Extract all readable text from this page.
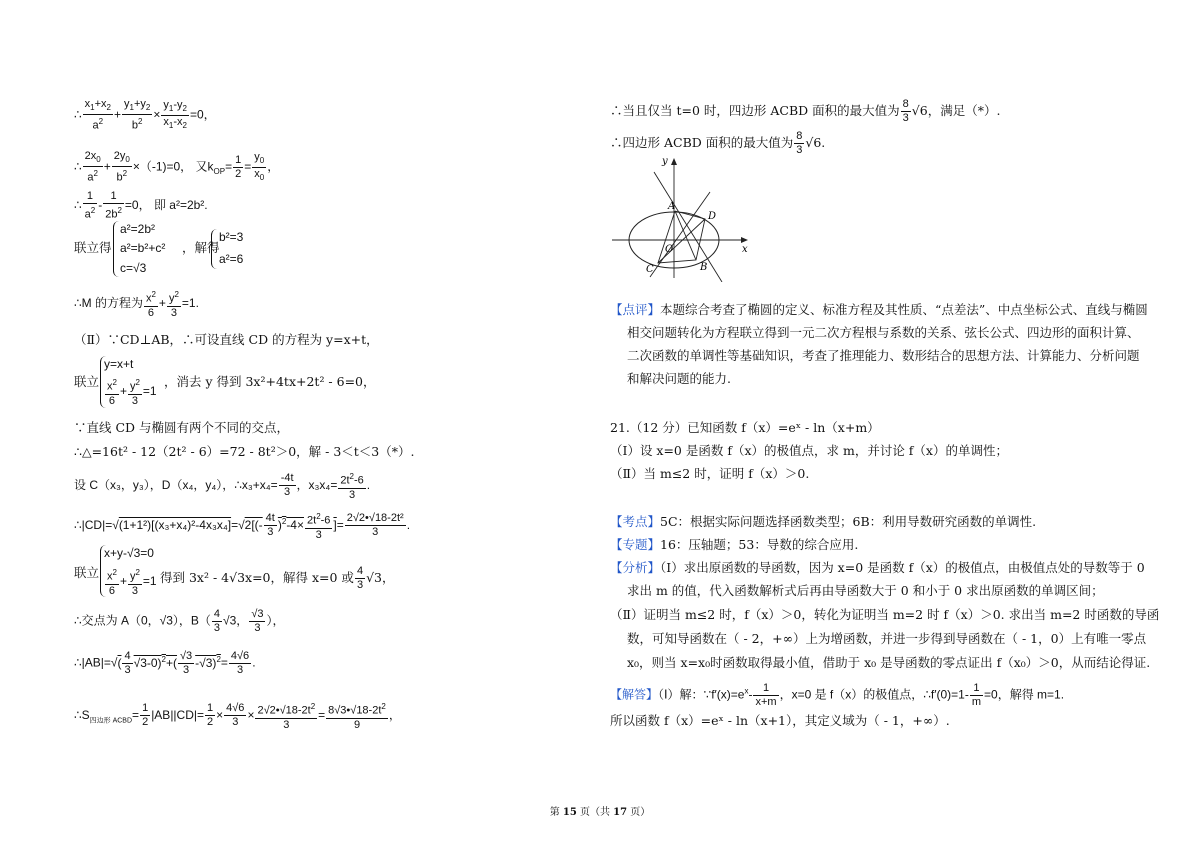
∴ $\frac{x_1+x_2}{a^2} + \frac{y_1+y_2}{b^2} \times \frac{y_1-y_2}{x_1-x_2} =0$，
∴ $\frac{2x_0}{a^2} + \frac{2y_0}{b^2} \times(-1)=0$， 又$k_{OP}= \frac{1}{2} = \frac{y_0}{x_0}$ ，
∴ $\frac{1}{a^2} - \frac{1}{2b^2} =0$， 即 a²=2b².
联立得
a²=2b²
a²=b²+c²
c=√3
，解得
b²=3
a²=6
∴M 的方程为 $\frac{x^2}{6} + \frac{y^2}{3} =1$.
（Ⅱ）∵CD⊥AB，∴可设直线 CD 的方程为 y=x+t，
联立
y=x+t
$\frac{x^2}{6} + \frac{y^2}{3} =1$
，消去 y 得到 3x²+4tx+2t² - 6=0，
∵直线 CD 与椭圆有两个不同的交点，
∴△=16t² - 12（2t² - 6）=72 - 8t²＞0，解 - 3＜t＜3（*）.
设 C（x₃，y₃），D（x₄，y₄），∴x₃+x₄= $\frac{-4t}{3}$ ，$x_3x_4= \frac{2t^2-6}{3}$ .
∴|CD|=√(1+1²)[(x₃+x₄)²-4x₃x₄]=√2[(- $\frac{4t}{3} )^2-4\times \frac{2t^2-6}{3}$ ]= $\frac{\text{2√2•√18-2t²}}{3}$ .
联立
x+y-√3=0
$\frac{x^2}{6} + \frac{y^2}{3} =1$ 得到 3x² - 4√3x=0，解得 x=0 或 $\frac{4}{3} √3$，
∴交点为 A（0，√3），$B( \frac{4}{3} √3$， $\frac{√3}{3}$ ），
∴|AB|=√( $\frac{4}{3} √3-0)^2+( \frac{√3}{3} -√3)^2= \frac{4√6}{3}$ .
$\therefore S_{四边形 ACBD}= \frac{1}{2} |AB||CD|= \frac{1}{2} \times \frac{4√6}{3} \times \frac{2√2•√18-2t^2}{3} = \frac{8√3•√18-2t^2}{9}$ ，
∴当且仅当 t=0 时，四边形 ACBD 面积的最大值为 $\frac{8}{3} √6$，满足（*）.
∴四边形 ACBD 面积的最大值为 $\frac{8}{3} √6$.
y
x
A
D
O
B
C
【点评】本题综合考查了椭圆的定义、标准方程及其性质、“点差法”、中点坐标公式、直线与椭圆
相交问题转化为方程联立得到一元二次方程根与系数的关系、弦长公式、四边形的面积计算、
二次函数的单调性等基础知识，考查了推理能力、数形结合的思想方法、计算能力、分析问题
和解决问题的能力.
21.（12 分）已知函数 f（x）=eˣ - ln（x+m）
（Ⅰ）设 x=0 是函数 f（x）的极值点，求 m，并讨论 f（x）的单调性；
（Ⅱ）当 m≤2 时，证明 f（x）＞0.
【考点】5C：根据实际问题选择函数类型；6B：利用导数研究函数的单调性.
【专题】16：压轴题；53：导数的综合应用.
【分析】（Ⅰ）求出原函数的导函数，因为 x=0 是函数 f（x）的极值点，由极值点处的导数等于 0
求出 m 的值，代入函数解析式后再由导函数大于 0 和小于 0 求出原函数的单调区间；
（Ⅱ）证明当 m≤2 时，f（x）＞0，转化为证明当 m=2 时 f（x）＞0. 求出当 m=2 时函数的导函
数，可知导函数在（ - 2，+∞）上为增函数，并进一步得到导函数在（ - 1，0）上有唯一零点
x₀，则当 x=x₀时函数取得最小值，借助于 x₀ 是导函数的零点证出 f（x₀）＞0，从而结论得证.
【解答】（Ⅰ）解：$\because f'(x)=e^x- \frac{1}{x+m}$ ，x=0 是 f（x）的极值点，∴f′(0)=1- $\frac{1}{m} =0$，解得 m=1.
所以函数 f（x）=eˣ - ln（x+1），其定义域为（ - 1，+∞）.
第 15 页（共 17 页）
